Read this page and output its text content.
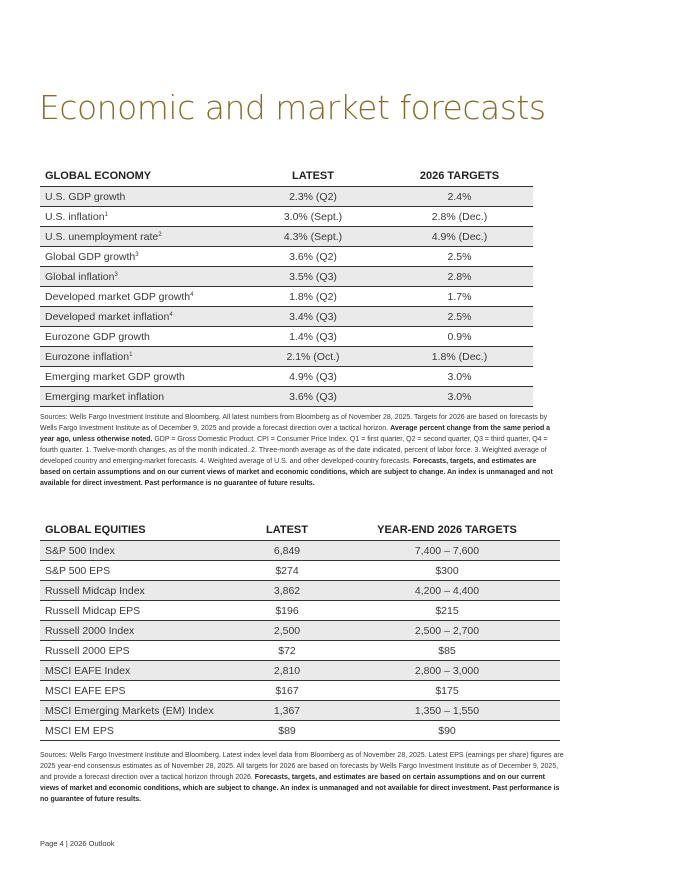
Economic and market forecasts
GLOBAL ECONOMY	LATEST	2026 TARGETS
U.S. GDP growth	2.3% (Q2)	2.4%
U.S. inflation$^1$	3.0% (Sept.)	2.8% (Dec.)
U.S. unemployment rate$^2$	4.3% (Sept.)	4.9% (Dec.)
Global GDP growth$^3$	3.6% (Q2)	2.5%
Global inflation$^3$	3.5% (Q3)	2.8%
Developed market GDP growth$^4$	1.8% (Q2)	1.7%
Developed market inflation$^4$	3.4% (Q3)	2.5%
Eurozone GDP growth	1.4% (Q3)	0.9%
Eurozone inflation$^1$	2.1% (Oct.)	1.8% (Dec.)
Emerging market GDP growth	4.9% (Q3)	3.0%
Emerging market inflation	3.6% (Q3)	3.0%

Sources: Wells Fargo Investment Institute and Bloomberg. All latest numbers from Bloomberg as of November 28, 2025. Targets for 2026 are based on forecasts by Wells Fargo Investment Institute as of December 9, 2025 and provide a forecast direction over a tactical horizon. Average percent change from the same period a year ago, unless otherwise noted. GDP = Gross Domestic Product. CPI = Consumer Price Index. Q1 = first quarter, Q2 = second quarter, Q3 = third quarter, Q4 = fourth quarter. 1. Twelve-month changes, as of the month indicated. 2. Three-month average as of the date indicated, percent of labor force. 3. Weighted average of developed country and emerging-market forecasts. 4. Weighted average of U.S. and other developed-country forecasts. Forecasts, targets, and estimates are based on certain assumptions and on our current views of market and economic conditions, which are subject to change. An index is unmanaged and not available for direct investment. Past performance is no guarantee of future results.

GLOBAL EQUITIES	LATEST	YEAR-END 2026 TARGETS
S&P 500 Index	6,849	7,400 – 7,600
S&P 500 EPS	$274	$300
Russell Midcap Index	3,862	4,200 – 4,400
Russell Midcap EPS	$196	$215
Russell 2000 Index	2,500	2,500 – 2,700
Russell 2000 EPS	$72	$85
MSCI EAFE Index	2,810	2,800 – 3,000
MSCI EAFE EPS	$167	$175
MSCI Emerging Markets (EM) Index	1,367	1,350 – 1,550
MSCI EM EPS	$89	$90

Sources: Wells Fargo Investment Institute and Bloomberg. Latest index level data from Bloomberg as of November 28, 2025. Latest EPS (earnings per share) figures are 2025 year-end consensus estimates as of November 28, 2025. All targets for 2026 are based on forecasts by Wells Fargo Investment Institute as of December 9, 2025, and provide a forecast direction over a tactical horizon through 2026. Forecasts, targets, and estimates are based on certain assumptions and on our current views of market and economic conditions, which are subject to change. An index is unmanaged and not available for direct investment. Past performance is no guarantee of future results.

Page 4 | 2026 Outlook
